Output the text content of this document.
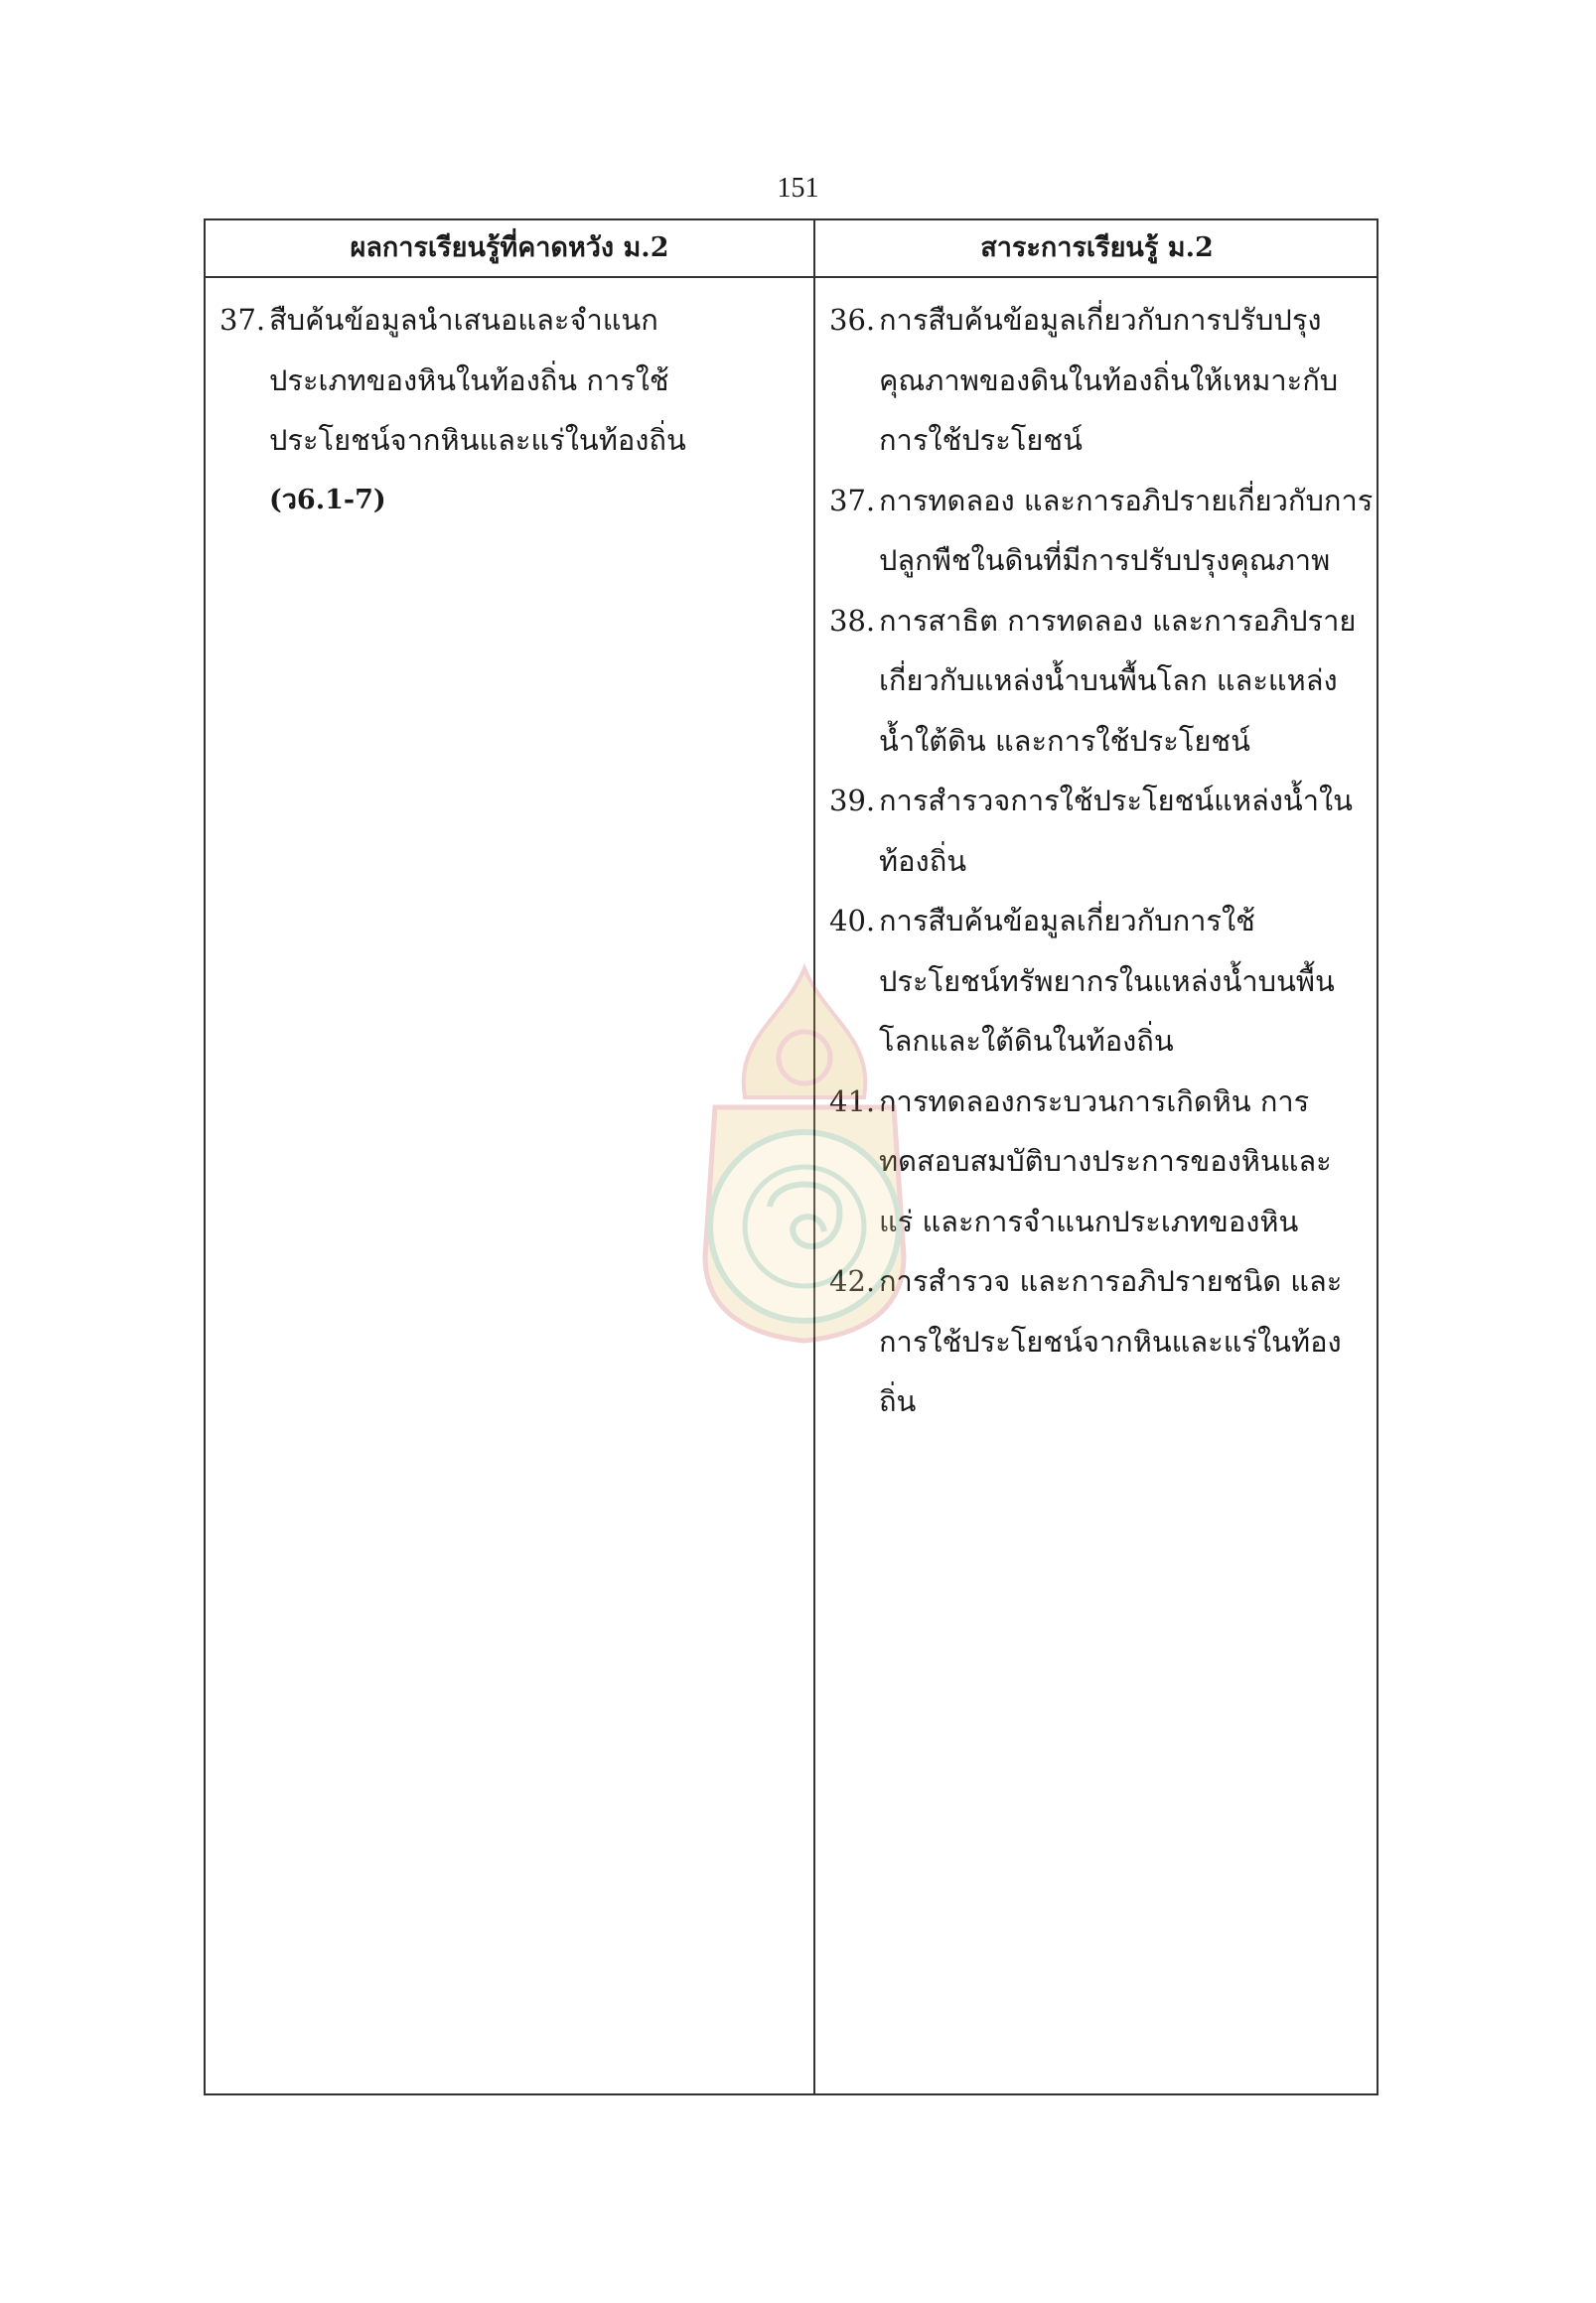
151
ผลการเรียนรู้ที่คาดหวัง ม.2	สาระการเรียนรู้ ม.2
37. สืบค้นข้อมูลนำเสนอและจำแนก
ประเภทของหินในท้องถิ่น การใช้
ประโยชน์จากหินและแร่ในท้องถิ่น
(ว6.1-7)
36. การสืบค้นข้อมูลเกี่ยวกับการปรับปรุง
คุณภาพของดินในท้องถิ่นให้เหมาะกับ
การใช้ประโยชน์
37. การทดลอง และการอภิปรายเกี่ยวกับการ
ปลูกพืชในดินที่มีการปรับปรุงคุณภาพ
38. การสาธิต การทดลอง และการอภิปราย
เกี่ยวกับแหล่งน้ำบนพื้นโลก และแหล่ง
น้ำใต้ดิน และการใช้ประโยชน์
39. การสำรวจการใช้ประโยชน์แหล่งน้ำใน
ท้องถิ่น
40. การสืบค้นข้อมูลเกี่ยวกับการใช้
ประโยชน์ทรัพยากรในแหล่งน้ำบนพื้น
โลกและใต้ดินในท้องถิ่น
41. การทดลองกระบวนการเกิดหิน การ
ทดสอบสมบัติบางประการของหินและ
แร่ และการจำแนกประเภทของหิน
42. การสำรวจ และการอภิปรายชนิด และ
การใช้ประโยชน์จากหินและแร่ในท้อง
ถิ่น
